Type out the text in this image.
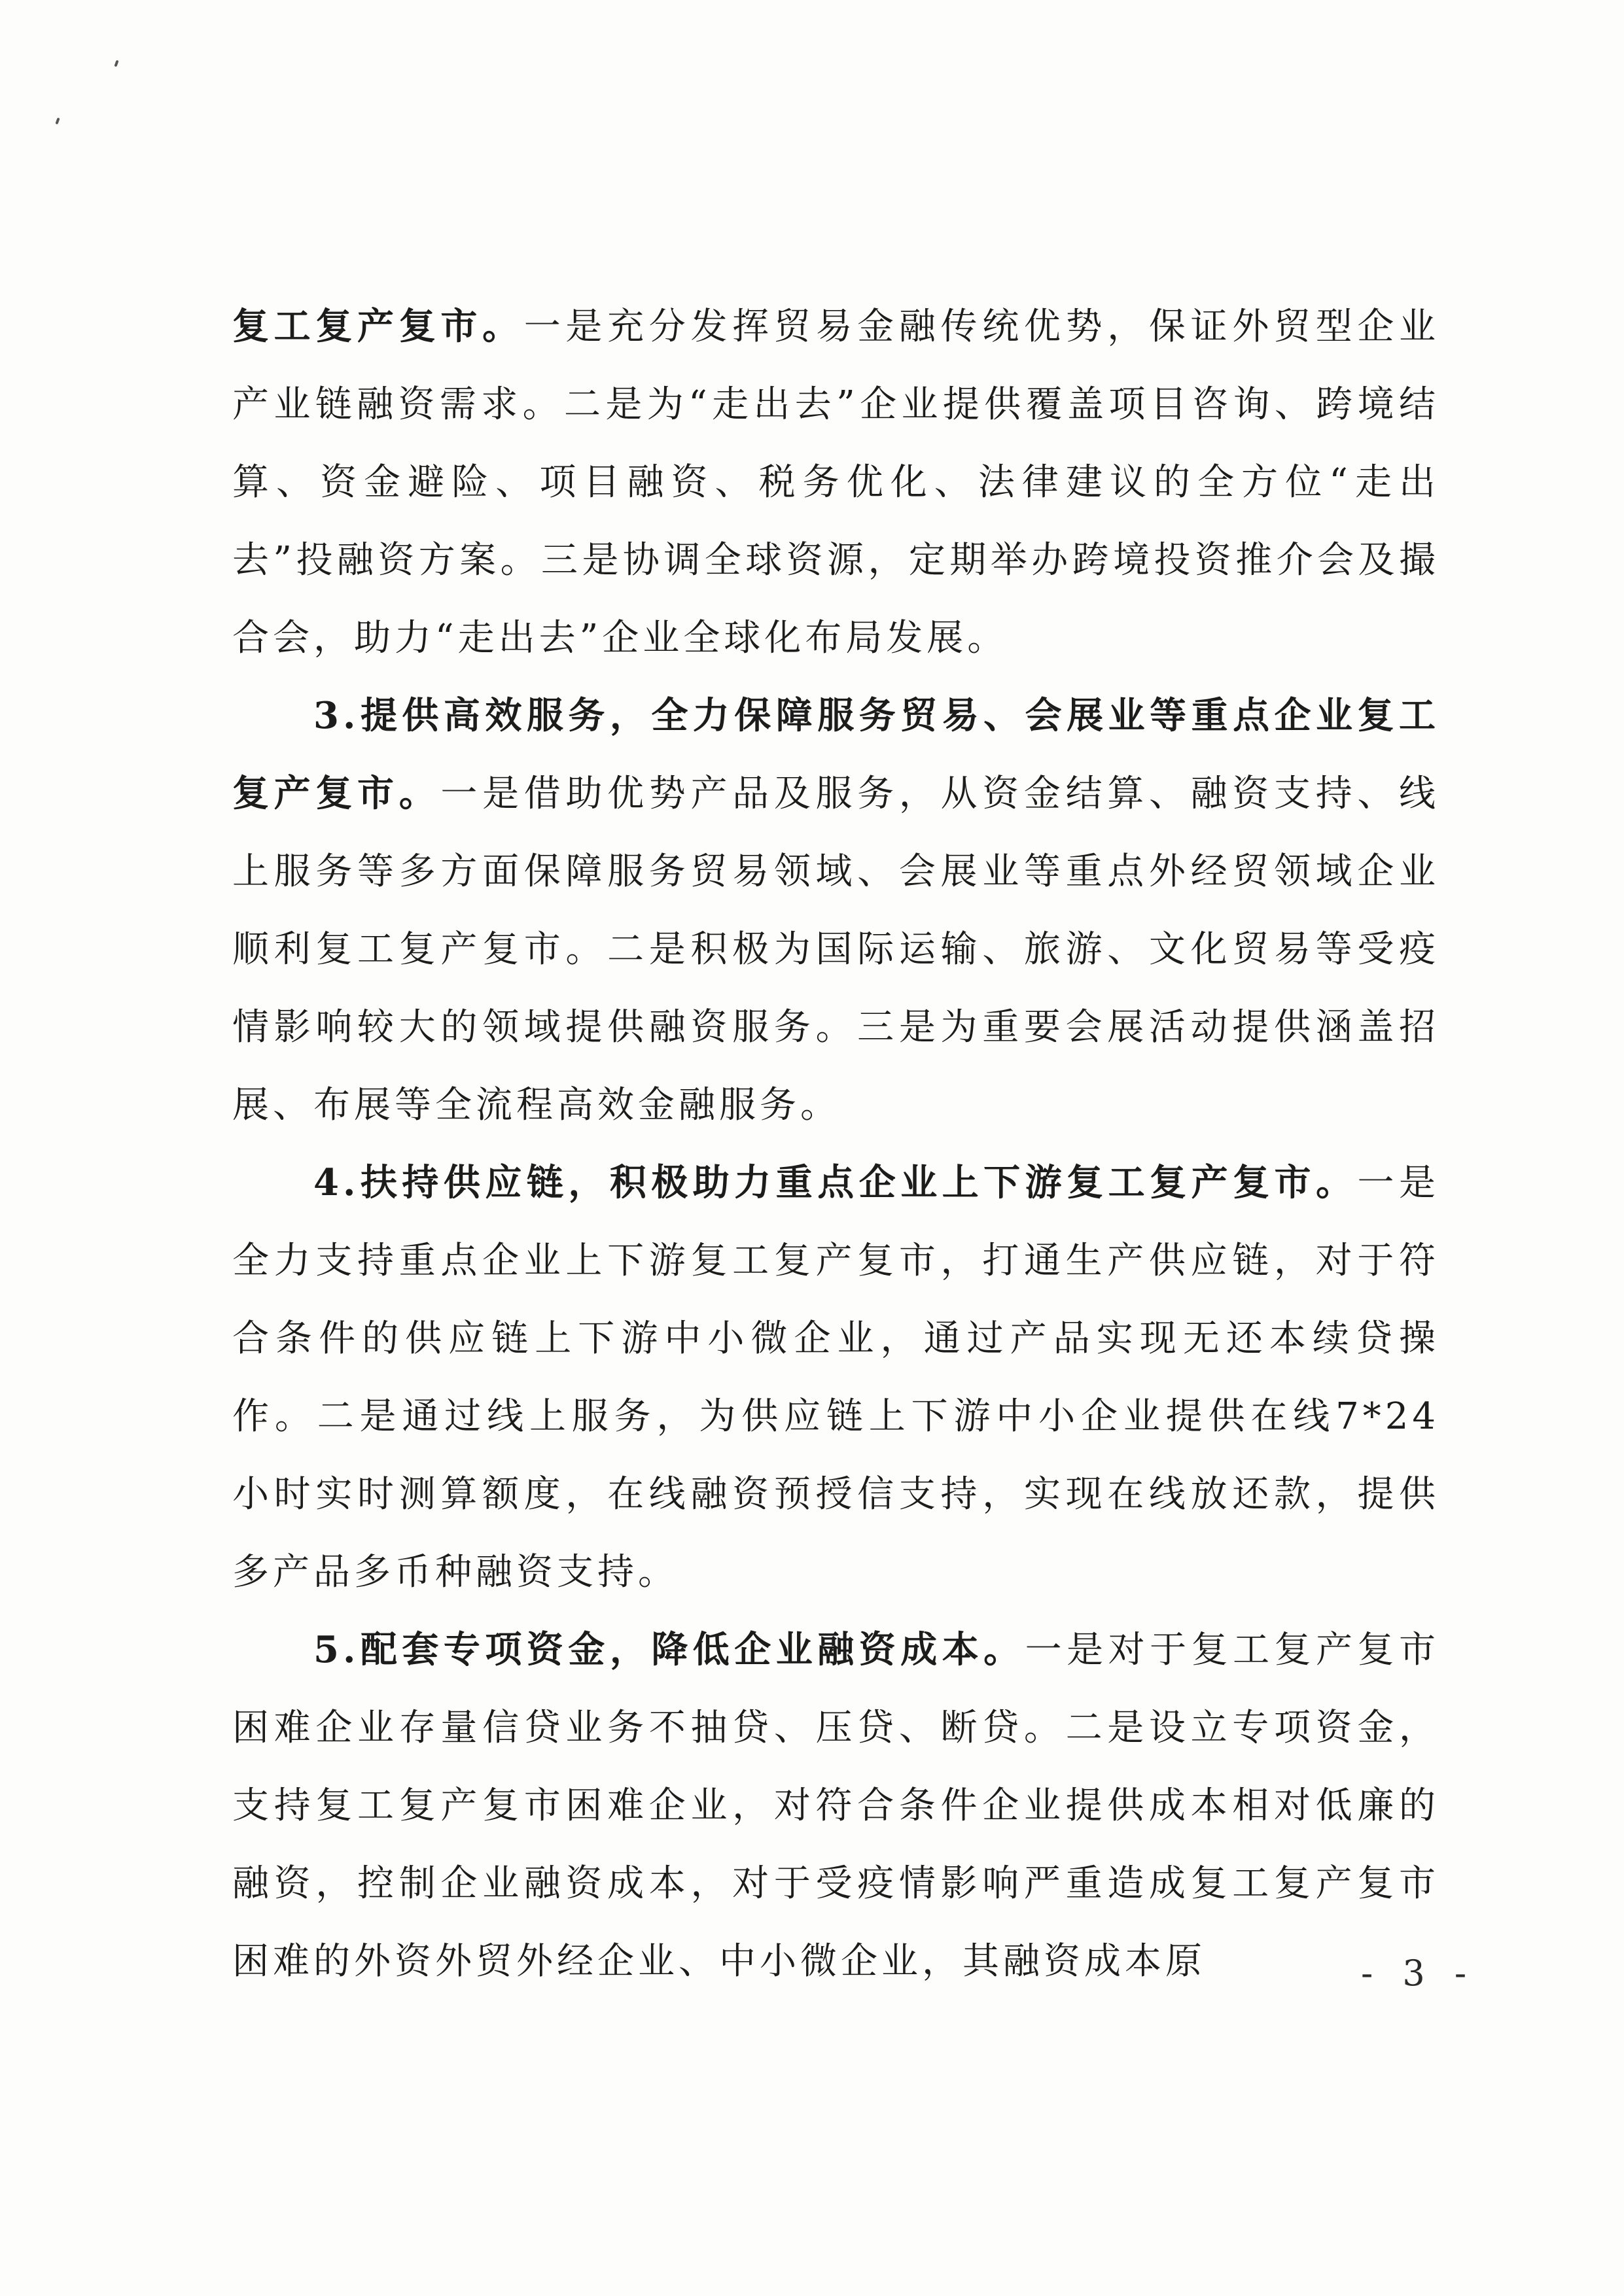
复工复产复市。一是充分发挥贸易金融传统优势，保证外贸型企业产业链融资需求。二是为“走出去”企业提供覆盖项目咨询、跨境结算、资金避险、项目融资、税务优化、法律建议的全方位“走出去”投融资方案。三是协调全球资源，定期举办跨境投资推介会及撮合会，助力“走出去”企业全球化布局发展。

3.提供高效服务，全力保障服务贸易、会展业等重点企业复工复产复市。一是借助优势产品及服务，从资金结算、融资支持、线上服务等多方面保障服务贸易领域、会展业等重点外经贸领域企业顺利复工复产复市。二是积极为国际运输、旅游、文化贸易等受疫情影响较大的领域提供融资服务。三是为重要会展活动提供涵盖招展、布展等全流程高效金融服务。

4.扶持供应链，积极助力重点企业上下游复工复产复市。一是全力支持重点企业上下游复工复产复市，打通生产供应链，对于符合条件的供应链上下游中小微企业，通过产品实现无还本续贷操作。二是通过线上服务，为供应链上下游中小企业提供在线7*24 小时实时测算额度，在线融资预授信支持，实现在线放还款，提供多产品多币种融资支持。

5.配套专项资金，降低企业融资成本。一是对于复工复产复市困难企业存量信贷业务不抽贷、压贷、断贷。二是设立专项资金，支持复工复产复市困难企业，对符合条件企业提供成本相对低廉的融资，控制企业融资成本，对于受疫情影响严重造成复工复产复市困难的外资外贸外经企业、中小微企业，其融资成本原	- 3 -
